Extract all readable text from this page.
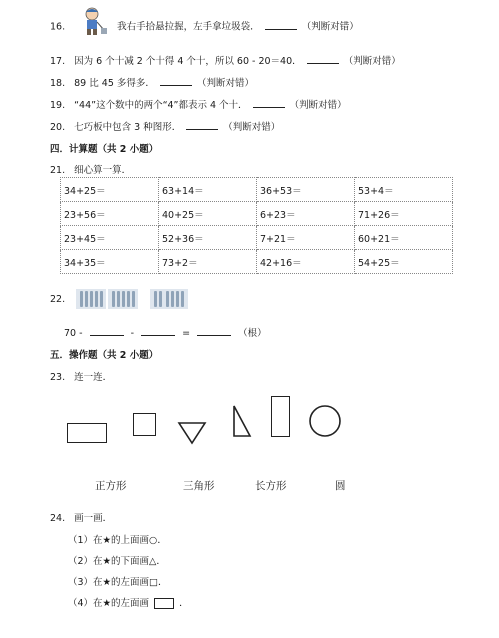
16.	我右手拾悬拉握，左手拿垃圾袋．	（判断对错）
17. 因为 6 个十减 2 个十得 4 个十，所以 60 - 20＝40．	（判断对错）
18. 89 比 45 多得多．	（判断对错）
19. “44”这个数中的两个“4”都表示 4 个十．	（判断对错）
20. 七巧板中包含 3 种图形．	（判断对错）
四．计算题（共 2 小题）
21. 细心算一算．
34+25＝	63+14＝	36+53＝	53+4＝
23+56＝	40+25＝	6+23＝	71+26＝
23+45＝	52+36＝	7+21＝	60+21＝
34+35＝	73+2＝	42+16＝	54+25＝
22.
70 -	-	=	（根）
五．操作题（共 2 小题）
23. 连一连．
正方形	三角形	长方形	圆
24. 画一画．
（1）在★的上面画○．
（2）在★的下面画△．
（3）在★的左面画□．
（4）在★的左面画	．
